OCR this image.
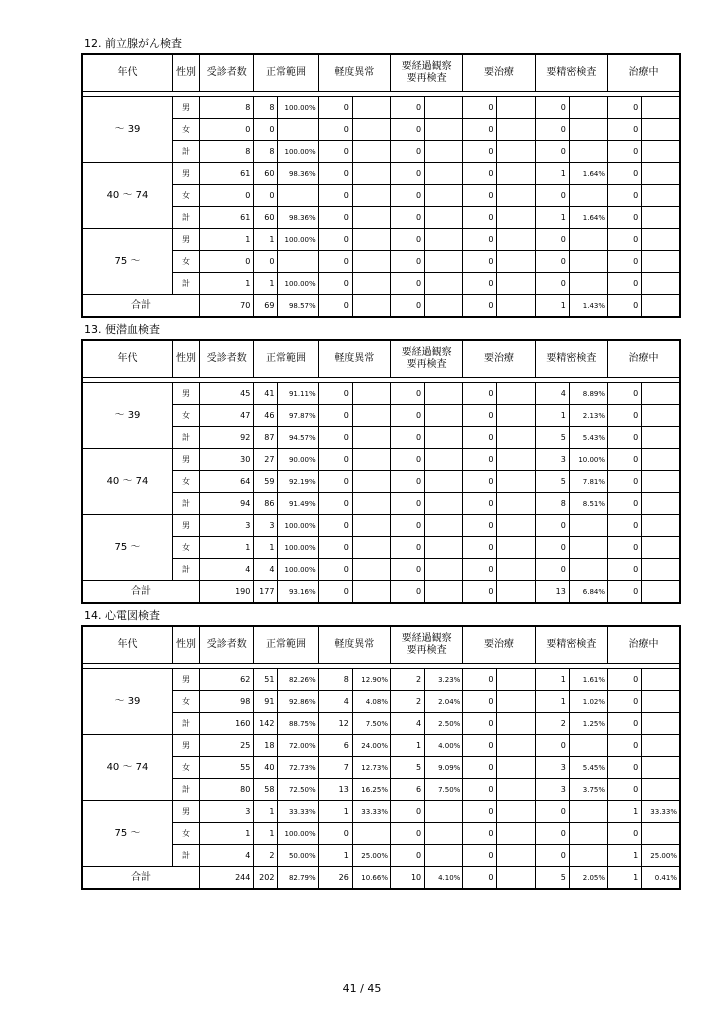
12. 前立腺がん検査
年代	性別	受診者数	正常範囲		軽度異常		要経過観察
要再検査		要治療		要精密検査		治療中	

～ 39	男	8	8	100.00%	0		0		0		0		0	
	女	0	0		0		0		0		0		0	
	計	8	8	100.00%	0		0		0		0		0	
40 ～ 74	男	61	60	98.36%	0		0		0		1	1.64%	0	
	女	0	0		0		0		0		0		0	
	計	61	60	98.36%	0		0		0		1	1.64%	0	
75 ～	男	1	1	100.00%	0		0		0		0		0	
	女	0	0		0		0		0		0		0	
	計	1	1	100.00%	0		0		0		0		0	
合計		70	69	98.57%	0		0		0		1	1.43%	0	
13. 便潜血検査
年代	性別	受診者数	正常範囲		軽度異常		要経過観察
要再検査		要治療		要精密検査		治療中	

～ 39	男	45	41	91.11%	0		0		0		4	8.89%	0	
	女	47	46	97.87%	0		0		0		1	2.13%	0	
	計	92	87	94.57%	0		0		0		5	5.43%	0	
40 ～ 74	男	30	27	90.00%	0		0		0		3	10.00%	0	
	女	64	59	92.19%	0		0		0		5	7.81%	0	
	計	94	86	91.49%	0		0		0		8	8.51%	0	
75 ～	男	3	3	100.00%	0		0		0		0		0	
	女	1	1	100.00%	0		0		0		0		0	
	計	4	4	100.00%	0		0		0		0		0	
合計		190	177	93.16%	0		0		0		13	6.84%	0	
14. 心電図検査
年代	性別	受診者数	正常範囲		軽度異常		要経過観察
要再検査		要治療		要精密検査		治療中	

～ 39	男	62	51	82.26%	8	12.90%	2	3.23%	0		1	1.61%	0	
	女	98	91	92.86%	4	4.08%	2	2.04%	0		1	1.02%	0	
	計	160	142	88.75%	12	7.50%	4	2.50%	0		2	1.25%	0	
40 ～ 74	男	25	18	72.00%	6	24.00%	1	4.00%	0		0		0	
	女	55	40	72.73%	7	12.73%	5	9.09%	0		3	5.45%	0	
	計	80	58	72.50%	13	16.25%	6	7.50%	0		3	3.75%	0	
75 ～	男	3	1	33.33%	1	33.33%	0		0		0		1	33.33%
	女	1	1	100.00%	0		0		0		0		0	
	計	4	2	50.00%	1	25.00%	0		0		0		1	25.00%
合計		244	202	82.79%	26	10.66%	10	4.10%	0		5	2.05%	1	0.41%
41 / 45
